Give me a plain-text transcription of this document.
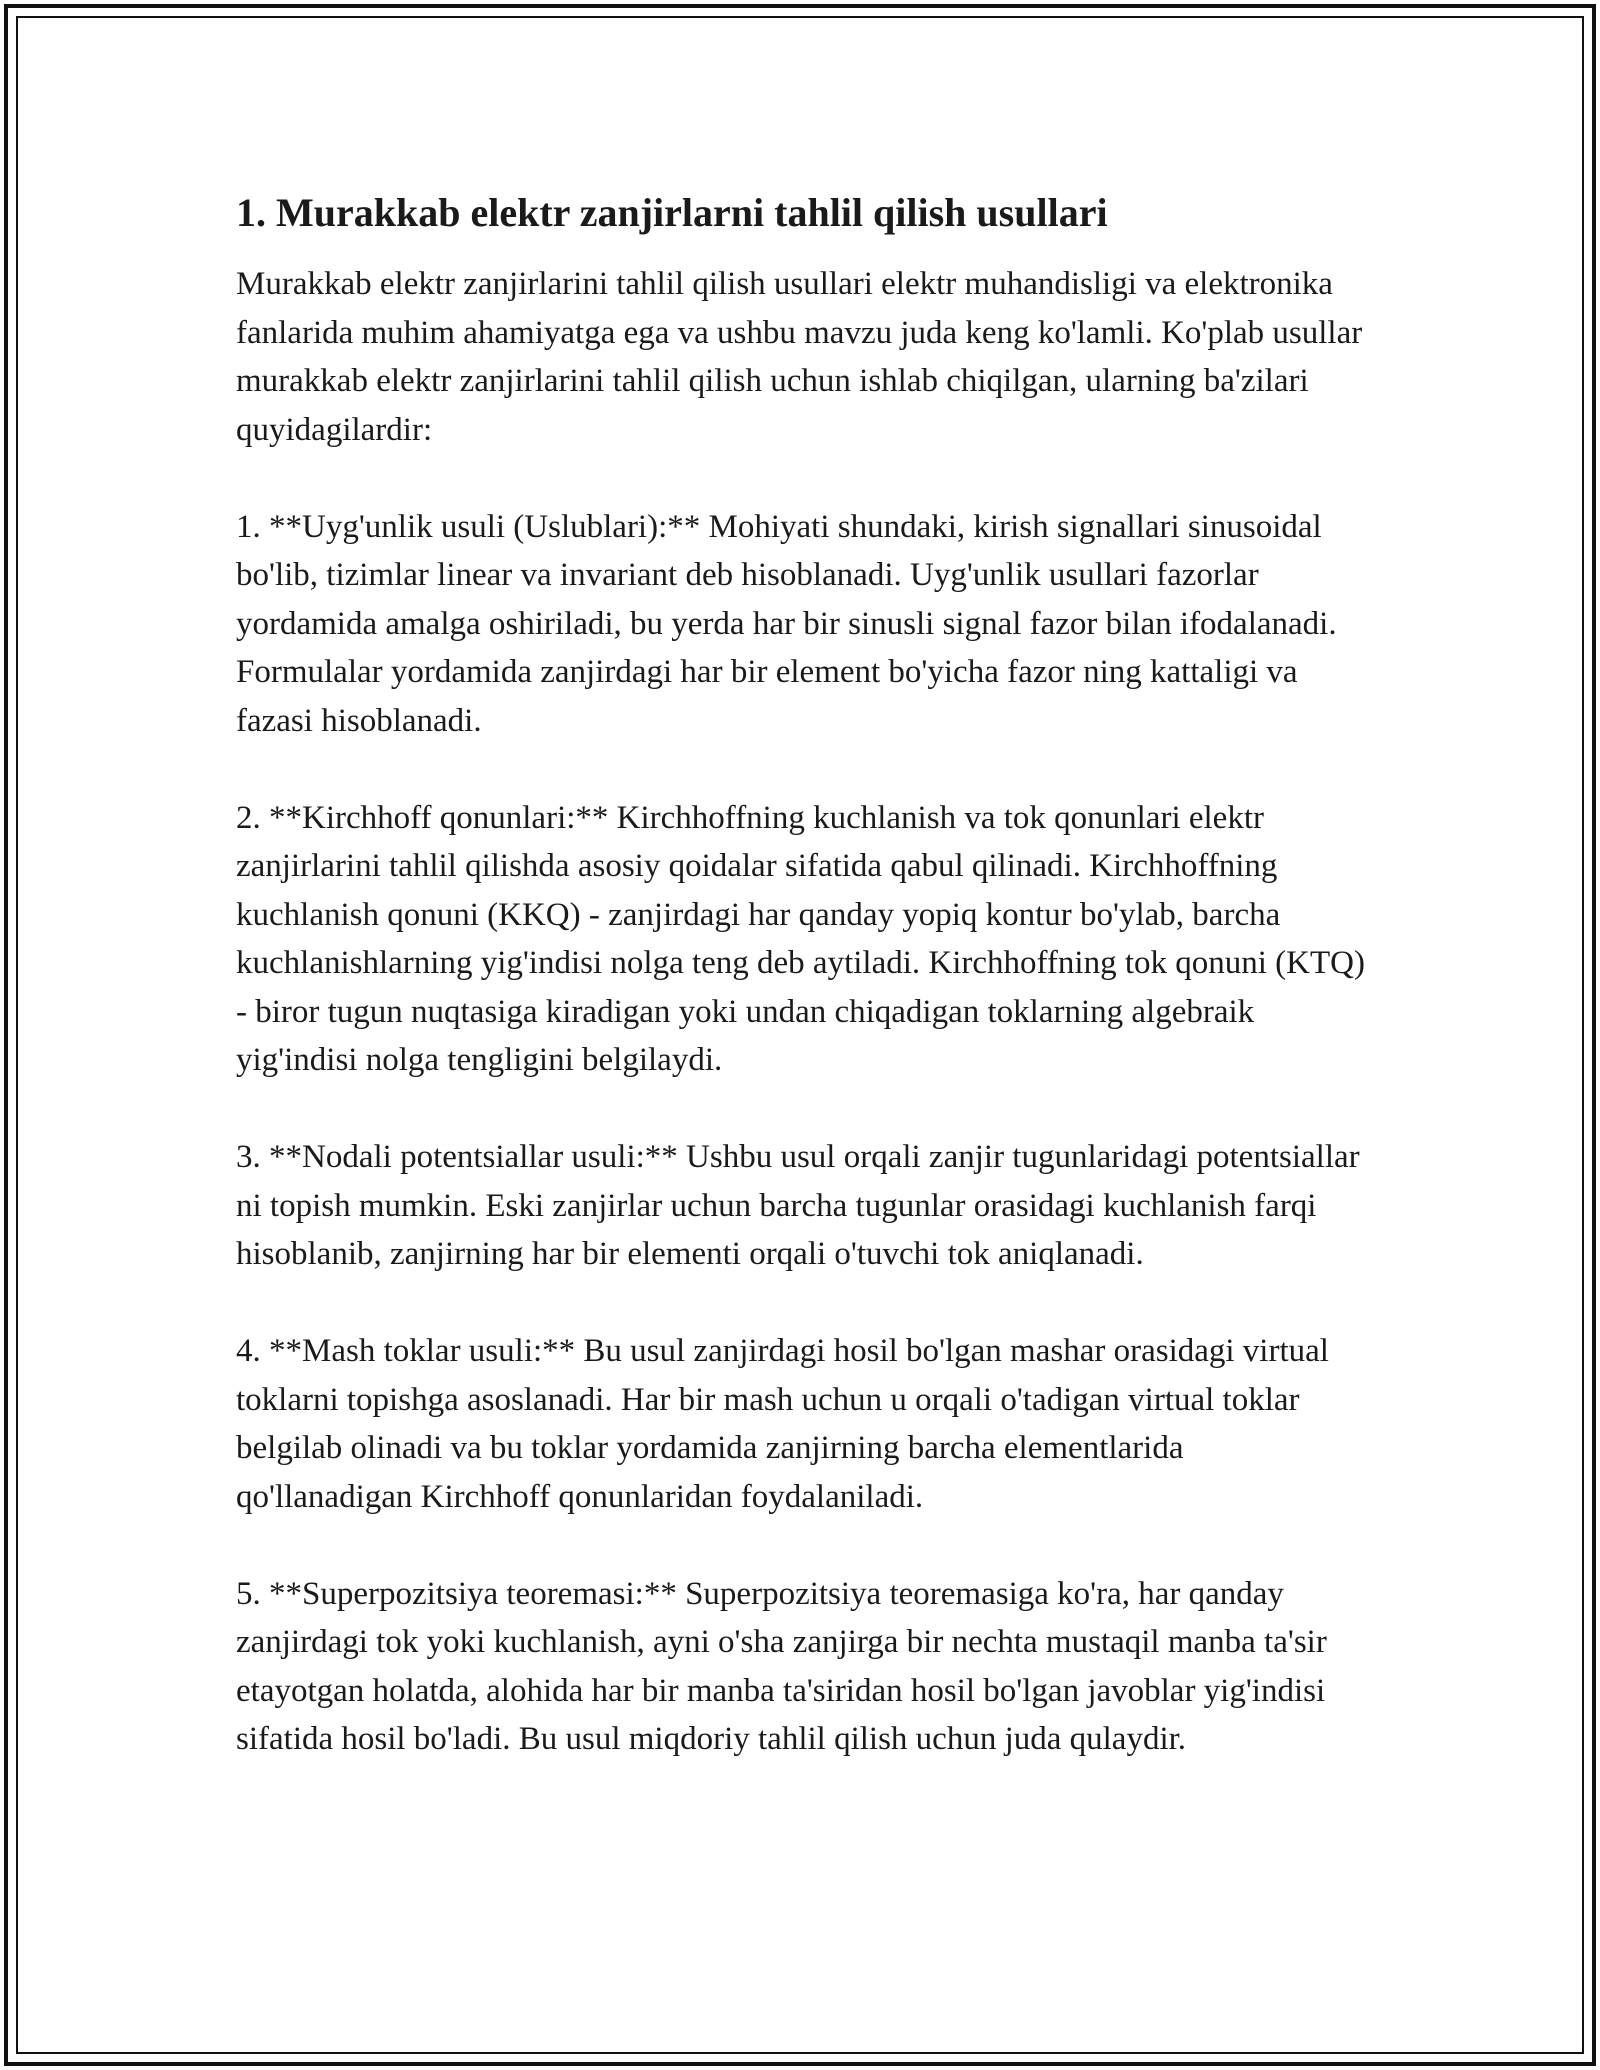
1. Murakkab elektr zanjirlarni tahlil qilish usullari

Murakkab elektr zanjirlarini tahlil qilish usullari elektr muhandisligi va elektronika fanlarida muhim ahamiyatga ega va ushbu mavzu juda keng ko'lamli. Ko'plab usullar murakkab elektr zanjirlarini tahlil qilish uchun ishlab chiqilgan, ularning ba'zilari quyidagilardir:

1. **Uyg'unlik usuli (Uslublari):** Mohiyati shundaki, kirish signallari sinusoidal bo'lib, tizimlar linear va invariant deb hisoblanadi. Uyg'unlik usullari fazorlar yordamida amalga oshiriladi, bu yerda har bir sinusli signal fazor bilan ifodalanadi. Formulalar yordamida zanjirdagi har bir element bo'yicha fazor ning kattaligi va fazasi hisoblanadi.

2. **Kirchhoff qonunlari:** Kirchhoffning kuchlanish va tok qonunlari elektr zanjirlarini tahlil qilishda asosiy qoidalar sifatida qabul qilinadi. Kirchhoffning kuchlanish qonuni (KKQ) - zanjirdagi har qanday yopiq kontur bo'ylab, barcha kuchlanishlarning yig'indisi nolga teng deb aytiladi. Kirchhoffning tok qonuni (KTQ) - biror tugun nuqtasiga kiradigan yoki undan chiqadigan toklarning algebraik yig'indisi nolga tengligini belgilaydi.

3. **Nodali potentsiallar usuli:** Ushbu usul orqali zanjir tugunlaridagi potentsiallar ni topish mumkin. Eski zanjirlar uchun barcha tugunlar orasidagi kuchlanish farqi hisoblanib, zanjirning har bir elementi orqali o'tuvchi tok aniqlanadi.

4. **Mash toklar usuli:** Bu usul zanjirdagi hosil bo'lgan mashar orasidagi virtual toklarni topishga asoslanadi. Har bir mash uchun u orqali o'tadigan virtual toklar belgilab olinadi va bu toklar yordamida zanjirning barcha elementlarida qo'llanadigan Kirchhoff qonunlaridan foydalaniladi.

5. **Superpozitsiya teoremasi:** Superpozitsiya teoremasiga ko'ra, har qanday zanjirdagi tok yoki kuchlanish, ayni o'sha zanjirga bir nechta mustaqil manba ta'sir etayotgan holatda, alohida har bir manba ta'siridan hosil bo'lgan javoblar yig'indisi sifatida hosil bo'ladi. Bu usul miqdoriy tahlil qilish uchun juda qulaydir.
